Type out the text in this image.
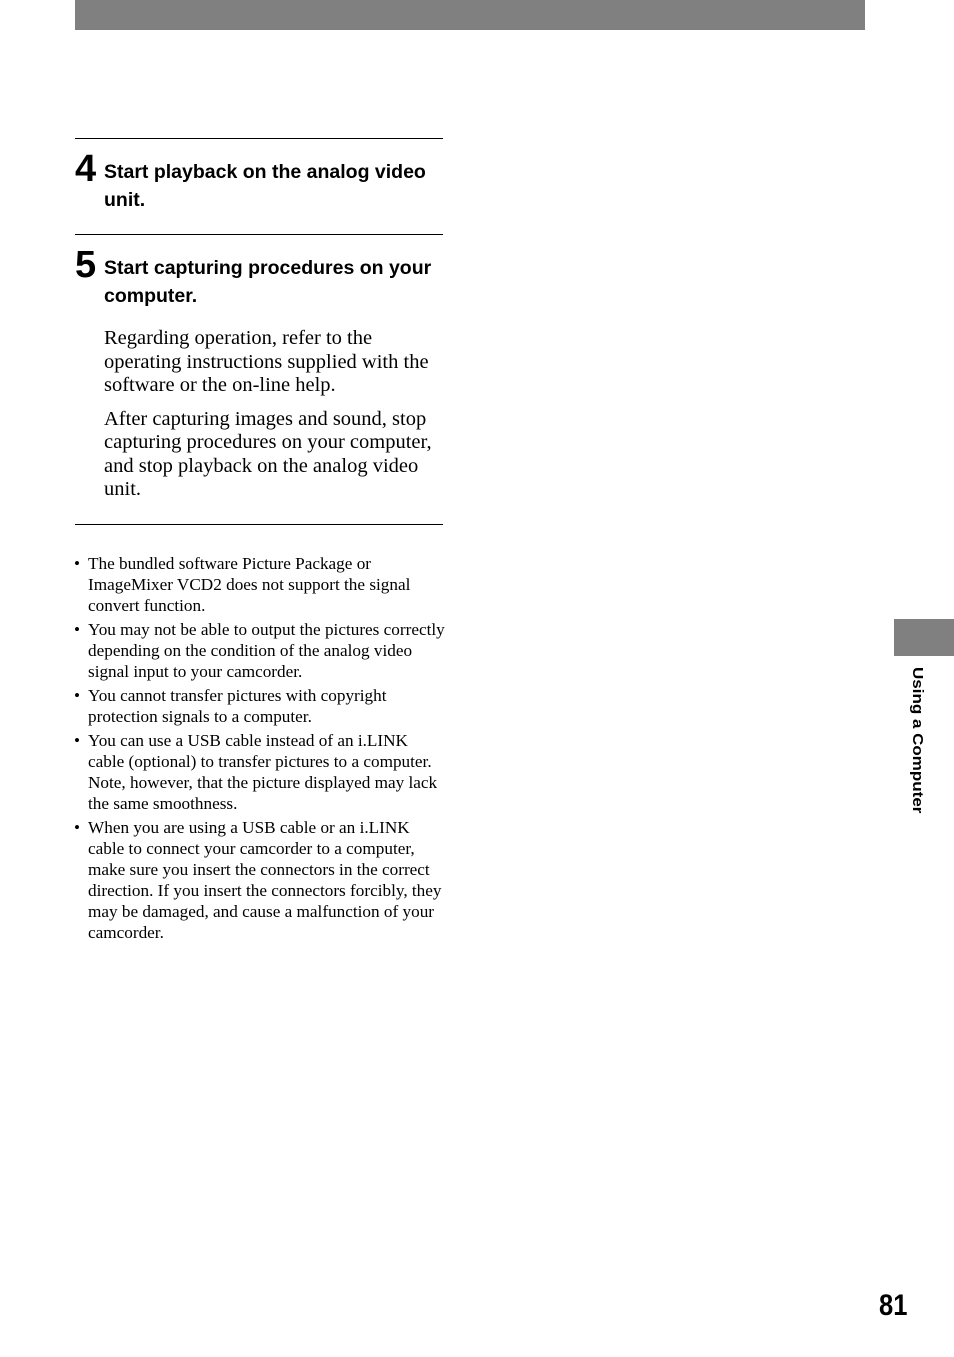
4 Start playback on the analog video unit.
5 Start capturing procedures on your computer.

Regarding operation, refer to the operating instructions supplied with the software or the on-line help.

After capturing images and sound, stop capturing procedures on your computer, and stop playback on the analog video unit.

• The bundled software Picture Package or ImageMixer VCD2 does not support the signal convert function.
• You may not be able to output the pictures correctly depending on the condition of the analog video signal input to your camcorder.
• You cannot transfer pictures with copyright protection signals to a computer.
• You can use a USB cable instead of an i.LINK cable (optional) to transfer pictures to a computer. Note, however, that the picture displayed may lack the same smoothness.
• When you are using a USB cable or an i.LINK cable to connect your camcorder to a computer, make sure you insert the connectors in the correct direction. If you insert the connectors forcibly, they may be damaged, and cause a malfunction of your camcorder.
Using a Computer
81
